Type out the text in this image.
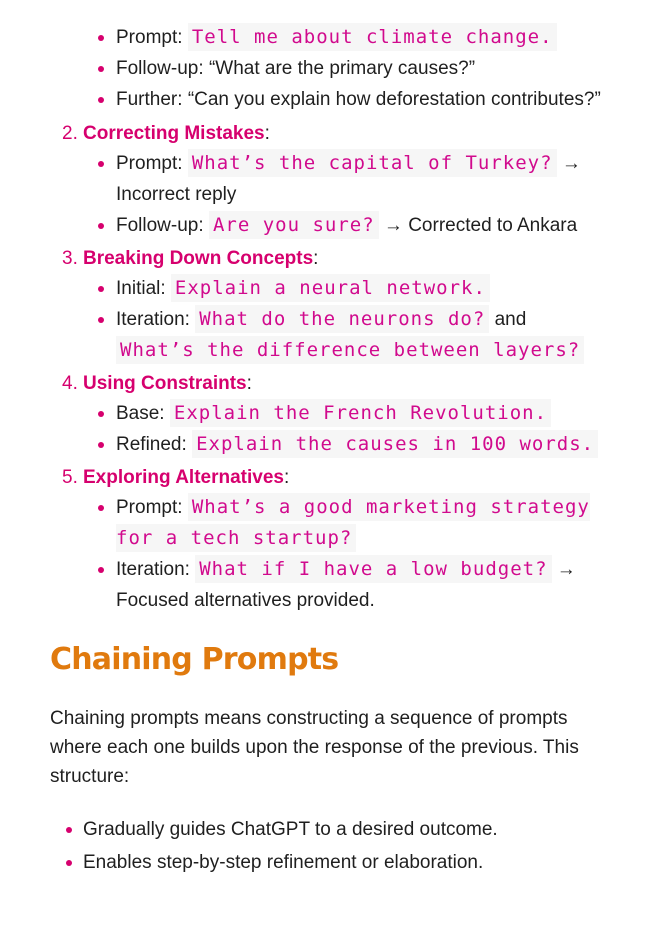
Prompt: Tell me about climate change.
Follow-up: “What are the primary causes?”
Further: “Can you explain how deforestation contributes?”
2. Correcting Mistakes:
Prompt: What’s the capital of Turkey? → Incorrect reply
Follow-up: Are you sure? → Corrected to Ankara
3. Breaking Down Concepts:
Initial: Explain a neural network.
Iteration: What do the neurons do? and What’s the difference between layers?
4. Using Constraints:
Base: Explain the French Revolution.
Refined: Explain the causes in 100 words.
5. Exploring Alternatives:
Prompt: What’s a good marketing strategy for a tech startup?
Iteration: What if I have a low budget? → Focused alternatives provided.
Chaining Prompts

Chaining prompts means constructing a sequence of prompts where each one builds upon the response of the previous. This structure:

Gradually guides ChatGPT to a desired outcome.
Enables step-by-step refinement or elaboration.
